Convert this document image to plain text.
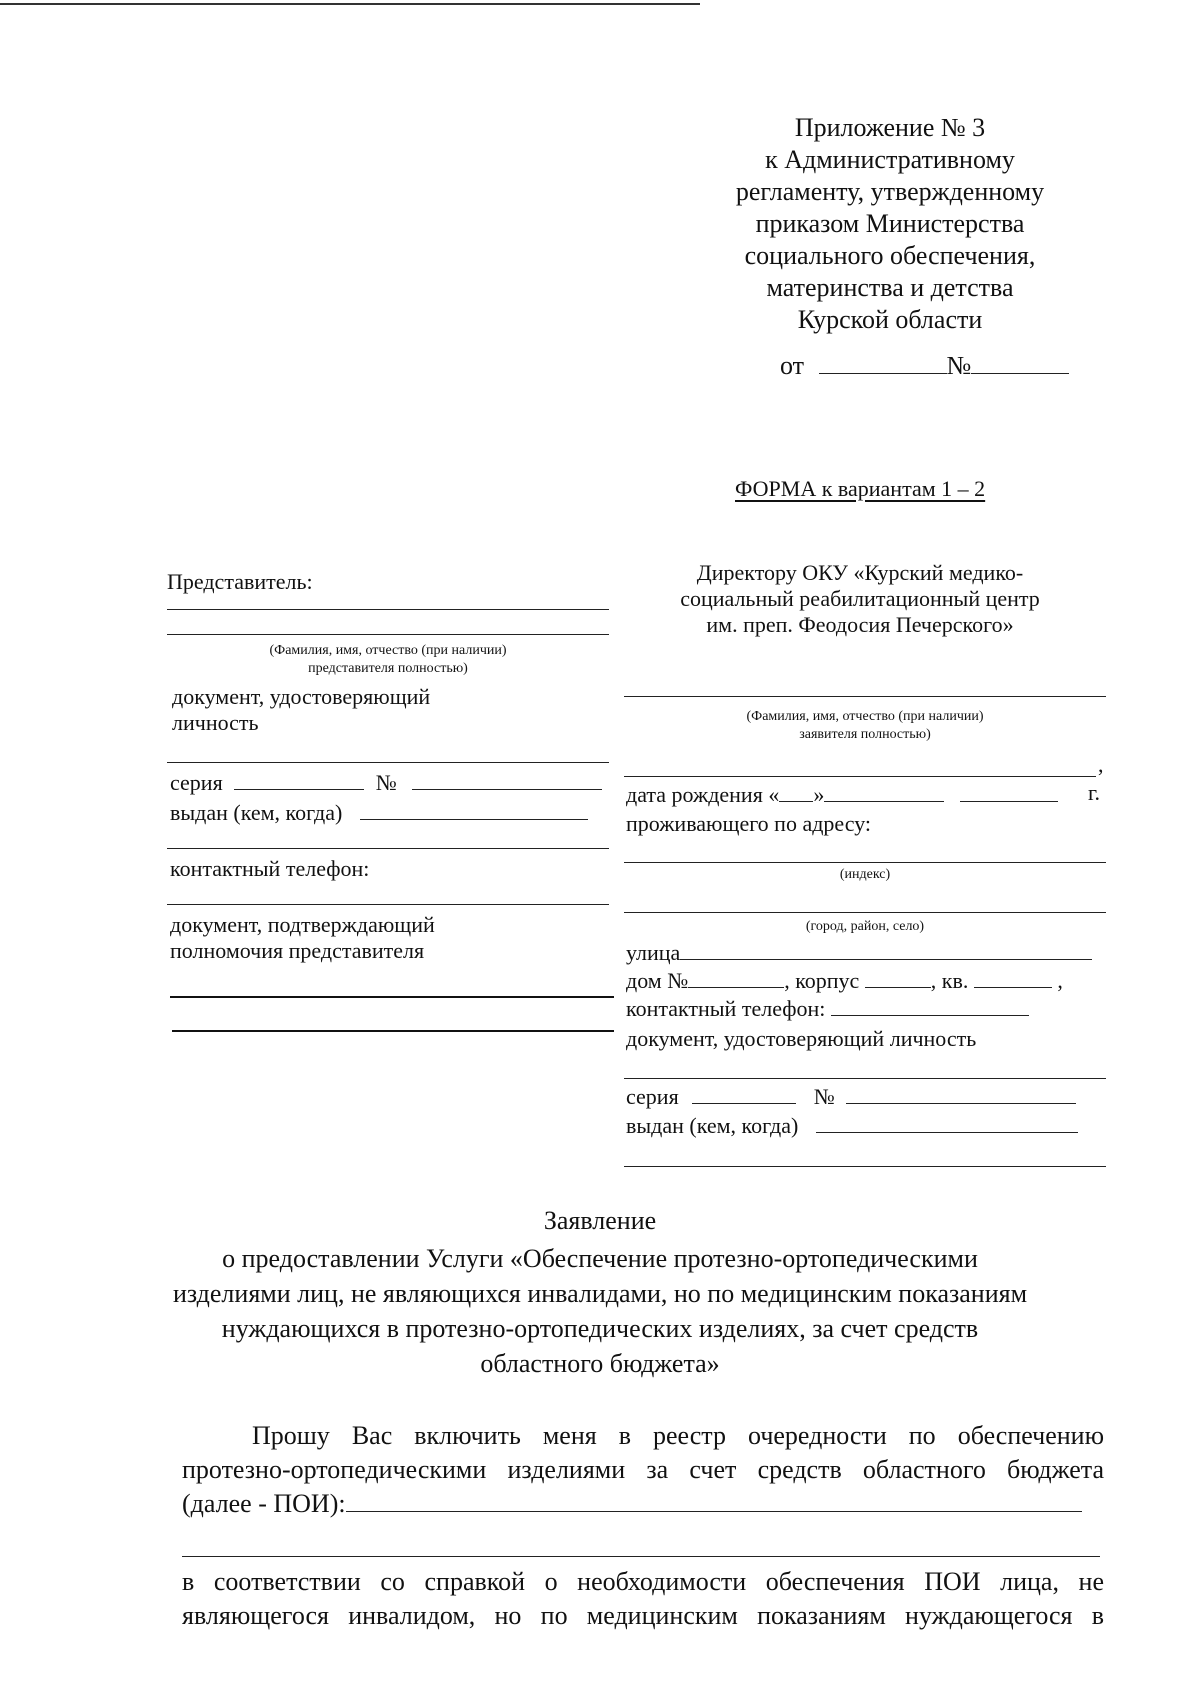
Приложение № 3
к Административному
регламенту, утвержденному
приказом Министерства
социального обеспечения,
материнства и детства
Курской области
от	№
ФОРМА к вариантам 1 – 2
Представитель:
(Фамилия, имя, отчество (при наличии)
представителя полностью)
документ, удостоверяющий
личность
серия	№
выдан (кем, когда)
контактный телефон:
документ, подтверждающий
полномочия представителя
Директору ОКУ «Курский медико-
социальный реабилитационный центр
им. преп. Феодосия Печерского»
(Фамилия, имя, отчество (при наличии)
заявителя полностью)
,
дата рождения « »	г.
проживающего по адресу:
(индекс)
(город, район, село)
улица
дом №	, корпус	, кв.	,
контактный телефон:
документ, удостоверяющий личность
серия	№
выдан (кем, когда)
Заявление
о предоставлении Услуги «Обеспечение протезно-ортопедическими
изделиями лиц, не являющихся инвалидами, но по медицинским показаниям
нуждающихся в протезно-ортопедических изделиях, за счет средств
областного бюджета»
Прошу Вас включить меня в реестр очередности по обеспечению
протезно-ортопедическими изделиями за счет средств областного бюджета
(далее - ПОИ):
в соответствии со справкой о необходимости обеспечения ПОИ лица, не
являющегося инвалидом, но по медицинским показаниям нуждающегося в
